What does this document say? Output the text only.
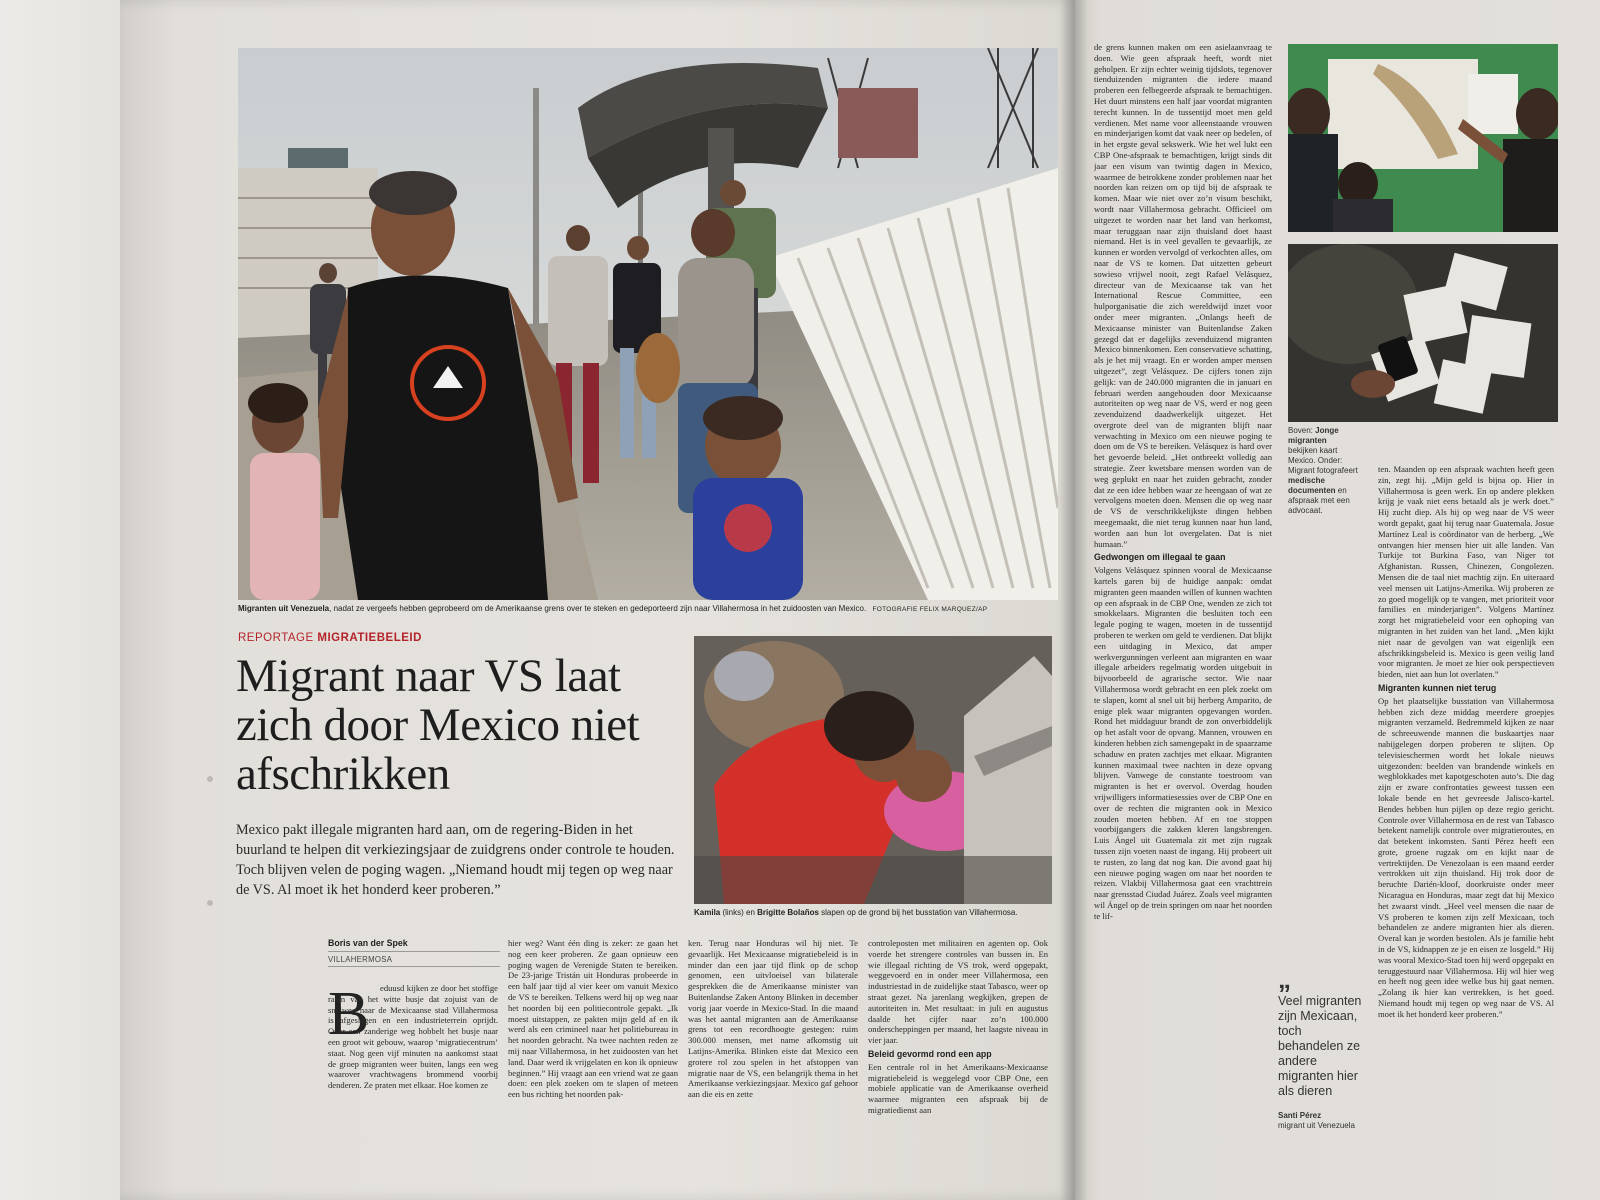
Migranten uit Venezuela, nadat ze vergeefs hebben geprobeerd om de Amerikaanse grens over te steken en gedeporteerd zijn naar Villahermosa in het zuidoosten van Mexico. FOTOGRAFIE FELIX MARQUEZ/AP
REPORTAGE MIGRATIEBELEID
Migrant naar VS laat zich door Mexico niet afschrikken
Mexico pakt illegale migranten hard aan, om de regering-Biden in het buurland te helpen dit verkiezingsjaar de zuidgrens onder controle te houden. Toch blijven velen de poging wagen. „Niemand houdt mij tegen op weg naar de VS. Al moet ik het honderd keer proberen.”
Kamila (links) en Brigitte Bolaños slapen op de grond bij het busstation van Villahermosa.
Boris van der Spek
VILLAHERMOSA
B	eduusd kijken ze door het stoffige raam van het witte busje dat zojuist van de snelweg naar de Mexicaanse stad Villahermosa is afgeslagen en een industrieterrein oprijdt. Over een zanderige weg hobbelt het busje naar een groot wit gebouw, waarop ‘migratiecentrum’ staat. Nog geen vijf minuten na aankomst staat de groep migranten weer buiten, langs een weg waarover vrachtwagens brommend voorbij denderen. Ze praten met elkaar. Hoe komen ze
hier weg? Want één ding is zeker: ze gaan het nog een keer proberen. Ze gaan opnieuw een poging wagen de Verenigde Staten te bereiken. De 23-jarige Tristán uit Honduras probeerde in een half jaar tijd al vier keer om vanuit Mexico de VS te bereiken. Telkens werd hij op weg naar het noorden bij een politiecontrole gepakt. „Ik moest uitstappen, ze pakten mijn geld af en ik werd als een crimineel naar het politiebureau in het noorden gebracht. Na twee nachten reden ze mij naar Villahermosa, in het zuidoosten van het land. Daar werd ik vrijgelaten en kon ik opnieuw beginnen.” Hij vraagt aan een vriend wat ze gaan doen: een plek zoeken om te slapen of meteen een bus richting het noorden pak-
ken. Terug naar Honduras wil hij niet. Te gevaarlijk. Het Mexicaanse migratiebeleid is in minder dan een jaar tijd flink op de schop genomen, een uitvloeisel van bilaterale gesprekken die de Amerikaanse minister van Buitenlandse Zaken Antony Blinken in december vorig jaar voerde in Mexico-Stad. In die maand was het aantal migranten aan de Amerikaanse grens tot een recordhoogte gestegen: ruim 300.000 mensen, met name afkomstig uit Latijns-Amerika. Blinken eiste dat Mexico een grotere rol zou spelen in het afstoppen van migratie naar de VS, een belangrijk thema in het Amerikaanse verkiezingsjaar. Mexico gaf gehoor aan die eis en zette
controleposten met militairen en agenten op. Ook voerde het strengere controles van bussen in. En wie illegaal richting de VS trok, werd opgepakt, weggevoerd en in onder meer Villahermosa, een industriestad in de zuidelijke staat Tabasco, weer op straat gezet. Na jarenlang wegkijken, grepen de autoriteiten in. Met resultaat: in juli en augustus daalde het cijfer naar zo’n 100.000 onderscheppingen per maand, het laagste niveau in vier jaar.
Beleid gevormd rond een app
Een centrale rol in het Amerikaans-Mexicaanse migratiebeleid is weggelegd voor CBP One, een mobiele applicatie van de Amerikaanse overheid waarmee migranten een afspraak bij de migratiedienst aan
de grens kunnen maken om een asielaanvraag te doen. Wie geen afspraak heeft, wordt niet geholpen. Er zijn echter weinig tijdslots, tegenover tienduizenden migranten die iedere maand proberen een felbegeerde afspraak te bemachtigen. Het duurt minstens een half jaar voordat migranten terecht kunnen. In de tussentijd moet men geld verdienen. Met name voor alleenstaande vrouwen en minderjarigen komt dat vaak neer op bedelen, of in het ergste geval sekswerk. Wie het wel lukt een CBP One-afspraak te bemachtigen, krijgt sinds dit jaar een visum van twintig dagen in Mexico, waarmee de betrokkene zonder problemen naar het noorden kan reizen om op tijd bij de afspraak te komen. Maar wie niet over zo’n visum beschikt, wordt naar Villahermosa gebracht. Officieel om uitgezet te worden naar het land van herkomst, maar teruggaan naar zijn thuisland doet haast niemand. Het is in veel gevallen te gevaarlijk, ze kunnen er worden vervolgd of verkochten alles, om naar de VS te komen. Dat uitzetten gebeurt sowieso vrijwel nooit, zegt Rafael Velásquez, directeur van de Mexicaanse tak van het International Rescue Committee, een hulporganisatie die zich wereldwijd inzet voor onder meer migranten. „Onlangs heeft de Mexicaanse minister van Buitenlandse Zaken gezegd dat er dagelijks zevenduizend migranten Mexico binnenkomen. Een conservatieve schatting, als je het mij vraagt. En er worden amper mensen uitgezet”, zegt Velásquez. De cijfers tonen zijn gelijk: van de 240.000 migranten die in januari en februari werden aangehouden door Mexicaanse autoriteiten op weg naar de VS, werd er nog geen zevenduizend daadwerkelijk uitgezet. Het overgrote deel van de migranten blijft naar verwachting in Mexico om een nieuwe poging te doen om de VS te bereiken. Velásquez is hard over het gevoerde beleid. „Het ontbreekt volledig aan strategie. Zeer kwetsbare mensen worden van de weg geplukt en naar het zuiden gebracht, zonder dat ze een idee hebben waar ze heengaan of wat ze vervolgens moeten doen. Mensen die op weg naar de VS de verschrikkelijkste dingen hebben meegemaakt, die niet terug kunnen naar hun land, worden aan hun lot overgelaten. Dat is niet humaan.”
Gedwongen om illegaal te gaan
Volgens Velásquez spinnen vooral de Mexicaanse kartels garen bij de huidige aanpak: omdat migranten geen maanden willen of kunnen wachten op een afspraak in de CBP One, wenden ze zich tot smokkelaars. Migranten die besluiten toch een legale poging te wagen, moeten in de tussentijd proberen te werken om geld te verdienen. Dat blijkt een uitdaging in Mexico, dat amper werkvergunningen verleent aan migranten en waar illegale arbeiders regelmatig worden uitgebuit in bijvoorbeeld de agrarische sector. Wie naar Villahermosa wordt gebracht en een plek zoekt om te slapen, komt al snel uit bij herberg Amparito, de enige plek waar migranten opgevangen worden. Rond het middaguur brandt de zon onverbiddelijk op het asfalt voor de opvang. Mannen, vrouwen en kinderen hebben zich samengepakt in de spaarzame schaduw en praten zachtjes met elkaar. Migranten kunnen maximaal twee nachten in deze opvang blijven. Vanwege de constante toestroom van migranten is het er overvol. Overdag houden vrijwilligers informatiesessies over de CBP One en over de rechten die migranten ook in Mexico zouden moeten hebben. Af en toe stoppen voorbijgangers die zakken kleren langsbrengen. Luis Ángel uit Guatemala zit met zijn rugzak tussen zijn voeten naast de ingang. Hij probeert uit te rusten, zo lang dat nog kan. Die avond gaat hij een nieuwe poging wagen om naar het noorden te reizen. Vlakbij Villahermosa gaat een vrachttrein naar grensstad Ciudad Juárez. Zoals veel migranten wil Ángel op de trein springen om naar het noorden te lif-
Boven: Jonge migranten bekijken kaart Mexico. Onder: Migrant fotografeert medische documenten en afspraak met een advocaat.
„
Veel migranten zijn Mexicaan, toch behandelen ze andere migranten hier als dieren
Santi Pérez
migrant uit Venezuela
ten. Maanden op een afspraak wachten heeft geen zin, zegt hij. „Mijn geld is bijna op. Hier in Villahermosa is geen werk. En op andere plekken krijg je vaak niet eens betaald als je werk doet.” Hij zucht diep. Als hij op weg naar de VS weer wordt gepakt, gaat hij terug naar Guatemala. Josue Martínez Leal is coördinator van de herberg. „We ontvangen hier mensen hier uit alle landen. Van Turkije tot Burkina Faso, van Niger tot Afghanistan. Russen, Chinezen, Congolezen. Mensen die de taal niet machtig zijn. En uiteraard veel mensen uit Latijns-Amerika. Wij proberen ze zo goed mogelijk op te vangen, met prioriteit voor families en minderjarigen”. Volgens Martínez zorgt het migratiebeleid voor een ophoping van migranten in het zuiden van het land. „Men kijkt niet naar de gevolgen van wat eigenlijk een afschrikkingsbeleid is. Mexico is geen veilig land voor migranten. Je moet ze hier ook perspectieven bieden, niet aan hun lot overlaten.”
Migranten kunnen niet terug
Op het plaatselijke busstation van Villahermosa hebben zich deze middag meerdere groepjes migranten verzameld. Bedremmeld kijken ze naar de schreeuwende mannen die buskaartjes naar nabijgelegen dorpen proberen te slijten. Op televisieschermen wordt het lokale nieuws uitgezonden: beelden van brandende winkels en wegblokkades met kapotgeschoten auto’s. Die dag zijn er zware confrontaties geweest tussen een lokale bende en het gevreesde Jalisco-kartel. Bendes hebben hun pijlen op deze regio gericht. Controle over Villahermosa en de rest van Tabasco betekent namelijk controle over migratieroutes, en dat betekent inkomsten. Santi Pérez heeft een grote, groene rugzak om en kijkt naar de vertrektijden. De Venezolaan is een maand eerder vertrokken uit zijn thuisland. Hij trok door de beruchte Darién-kloof, doorkruiste onder meer Nicaragua en Honduras, maar zegt dat hij Mexico het zwaarst vindt. „Heel veel mensen die naar de VS proberen te komen zijn zelf Mexicaan, toch behandelen ze andere migranten hier als dieren. Overal kan je worden bestolen. Als je familie hebt in de VS, kidnappen ze je en eisen ze losgeld.” Hij was vooral Mexico-Stad toen hij werd opgepakt en teruggestuurd naar Villahermosa. Hij wil hier weg en heeft nog geen idee welke bus hij gaat nemen. „Zolang ik hier kan vertrekken, is het goed. Niemand houdt mij tegen op weg naar de VS. Al moet ik het honderd keer proberen.”
